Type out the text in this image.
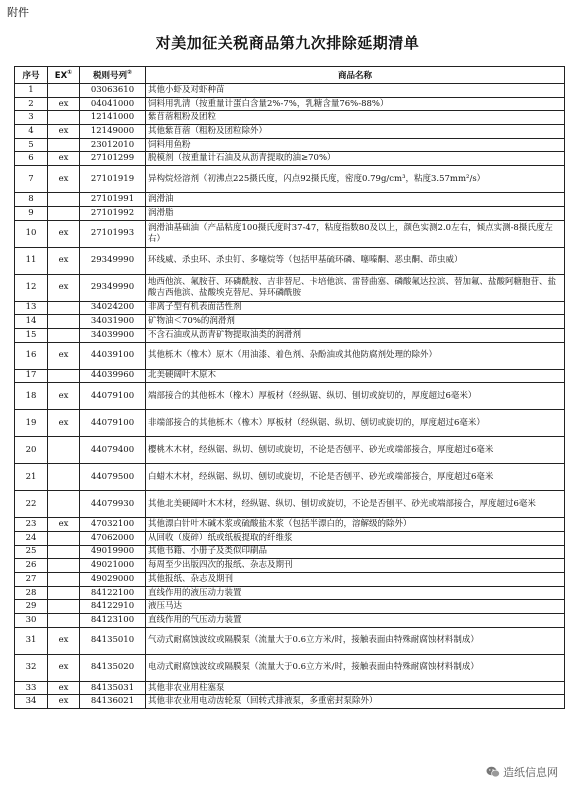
附件
对美加征关税商品第九次排除延期清单
序号	EX①	税则号列②	商品名称
1		03063610	其他小虾及对虾种苗
2	ex	04041000	饲料用乳清（按重量计蛋白含量2%-7%，乳糖含量76%-88%）
3		12141000	紫苜蓿粗粉及团粒
4	ex	12149000	其他紫苜蓿（粗粉及团粒除外）
5		23012010	饲料用鱼粉
6	ex	27101299	脱模剂（按重量计石油及从沥青提取的油≥70%）
7	ex	27101919	异构烷烃溶剂（初沸点225摄氏度，闪点92摄氏度，密度0.79g/cm³，粘度3.57mm²/s）
8		27101991	润滑油
9		27101992	润滑脂
10	ex	27101993	润滑油基础油（产品粘度100摄氏度时37-47，粘度指数80及以上，颜色实测2.0左右，倾点实测-8摄氏度左右）
11	ex	29349990	环线威、杀虫环、杀虫钉、多噻烷等（包括甲基硫环磷、噻嗪酮、恶虫酮、茚虫威）
12	ex	29349990	地西他滨、氟胺苷、环磷酰胺、吉非替尼、卡培他滨、雷替曲塞、磷酸氟达拉滨、替加氟、盐酸阿糖胞苷、盐酸吉西他滨、盐酸埃克替尼、异环磷酰胺
13		34024200	非离子型有机表面活性剂
14		34031900	矿物油＜70%的润滑剂
15		34039900	不含石油或从沥青矿物提取油类的润滑剂
16	ex	44039100	其他栎木（橡木）原木（用油漆、着色剂、杂酚油或其他防腐剂处理的除外）
17		44039960	北美硬阔叶木原木
18	ex	44079100	端部接合的其他栎木（橡木）厚板材（经纵锯、纵切、刨切或旋切的，厚度超过6毫米）
19	ex	44079100	非端部接合的其他栎木（橡木）厚板材（经纵锯、纵切、刨切或旋切的，厚度超过6毫米）
20		44079400	樱桃木木材，经纵锯、纵切、刨切或旋切，不论是否刨平、砂光或端部接合，厚度超过6毫米
21		44079500	白蜡木木材，经纵锯、纵切、刨切或旋切，不论是否刨平、砂光或端部接合，厚度超过6毫米
22		44079930	其他北美硬阔叶木木材，经纵锯、纵切、刨切或旋切，不论是否刨平、砂光或端部接合，厚度超过6毫米
23	ex	47032100	其他漂白针叶木碱木浆或硫酸盐木浆（包括半漂白的，溶解级的除外）
24		47062000	从回收（废碎）纸或纸板提取的纤维浆
25		49019900	其他书籍、小册子及类似印刷品
26		49021000	每周至少出版四次的报纸、杂志及期刊
27		49029000	其他报纸、杂志及期刊
28		84122100	直线作用的液压动力装置
29		84122910	液压马达
30		84123100	直线作用的气压动力装置
31	ex	84135010	气动式耐腐蚀波纹或隔膜泵（流量大于0.6立方米/时，接触表面由特殊耐腐蚀材料制成）
32	ex	84135020	电动式耐腐蚀波纹或隔膜泵（流量大于0.6立方米/时，接触表面由特殊耐腐蚀材料制成）
33	ex	84135031	其他非农业用柱塞泵
34	ex	84136021	其他非农业用电动齿轮泵（回转式排液泵，多重密封泵除外）
造纸信息网
